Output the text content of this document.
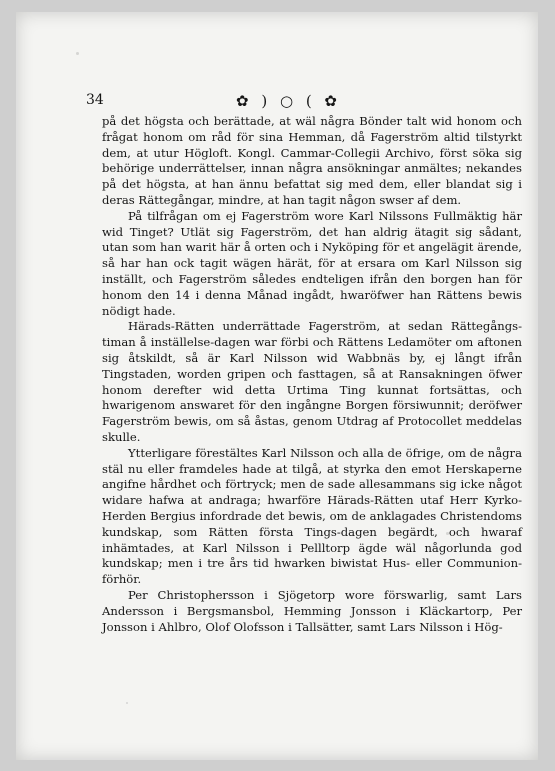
34	✿ ) ○ ( ✿

på det högsta och berättade, at wäl några Bönder talt wid honom och frågat honom om råd för sina Hemman, då Fagerström altid tilstyrkt dem, at utur Högloft. Kongl. Cammar-Collegii Archivo, först söka sig behörige underrättelser, innan några ansökningar anmältes; nekandes på det högsta, at han ännu befattat sig med dem, eller blandat sig i deras Rättegångar, mindre, at han tagit någon swser af dem.

På tilfrågan om ej Fagerström wore Karl Nilssons Fullmäktig här wid Tinget? Utlät sig Fagerström, det han aldrig ätagit sig sådant, utan som han warit här å orten och i Nyköping för et angelägit ärende, så har han ock tagit wägen härät, för at ersara om Karl Nilsson sig inställt, och Fagerström således endteligen ifrån den borgen han för honom den 14 i denna Månad ingådt, hwaröfwer han Rättens bewis nödigt hade.

Härads-Rätten underrättade Fagerström, at sedan Rättegångs-timan å inställelse-dagen war förbi och Rättens Ledamöter om aftonen sig åtskildt, så är Karl Nilsson wid Wabbnäs by, ej långt ifrån Tingstaden, worden gripen och fasttagen, så at Ransakningen öfwer honom derefter wid detta Urtima Ting kunnat fortsättas, och hwarigenom answaret för den ingångne Borgen försiwunnit; deröfwer Fagerström bewis, om så åstas, genom Utdrag af Protocollet meddelas skulle.

Ytterligare förestältes Karl Nilsson och alla de öfrige, om de några stäl nu eller framdeles hade at tilgå, at styrka den emot Herskaperne angifne hårdhet och förtryck; men de sade allesammans sig icke något widare hafwa at andraga; hwarföre Härads-Rätten utaf Herr Kyrko-Herden Bergius infordrade det bewis, om de anklagades Christendoms kundskap, som Rätten första Tings-dagen begärdt, och hwaraf inhämtades, at Karl Nilsson i Pellltorp ägde wäl någorlunda god kundskap; men i tre års tid hwarken biwistat Hus- eller Communion-förhör.

Per Christophersson i Sjögetorp wore förswarlig, samt Lars Andersson i Bergsmansbol, Hemming Jonsson i Kläckartorp, Per Jonsson i Ahlbro, Olof Olofsson i Tallsätter, samt Lars Nilsson i Hög-
